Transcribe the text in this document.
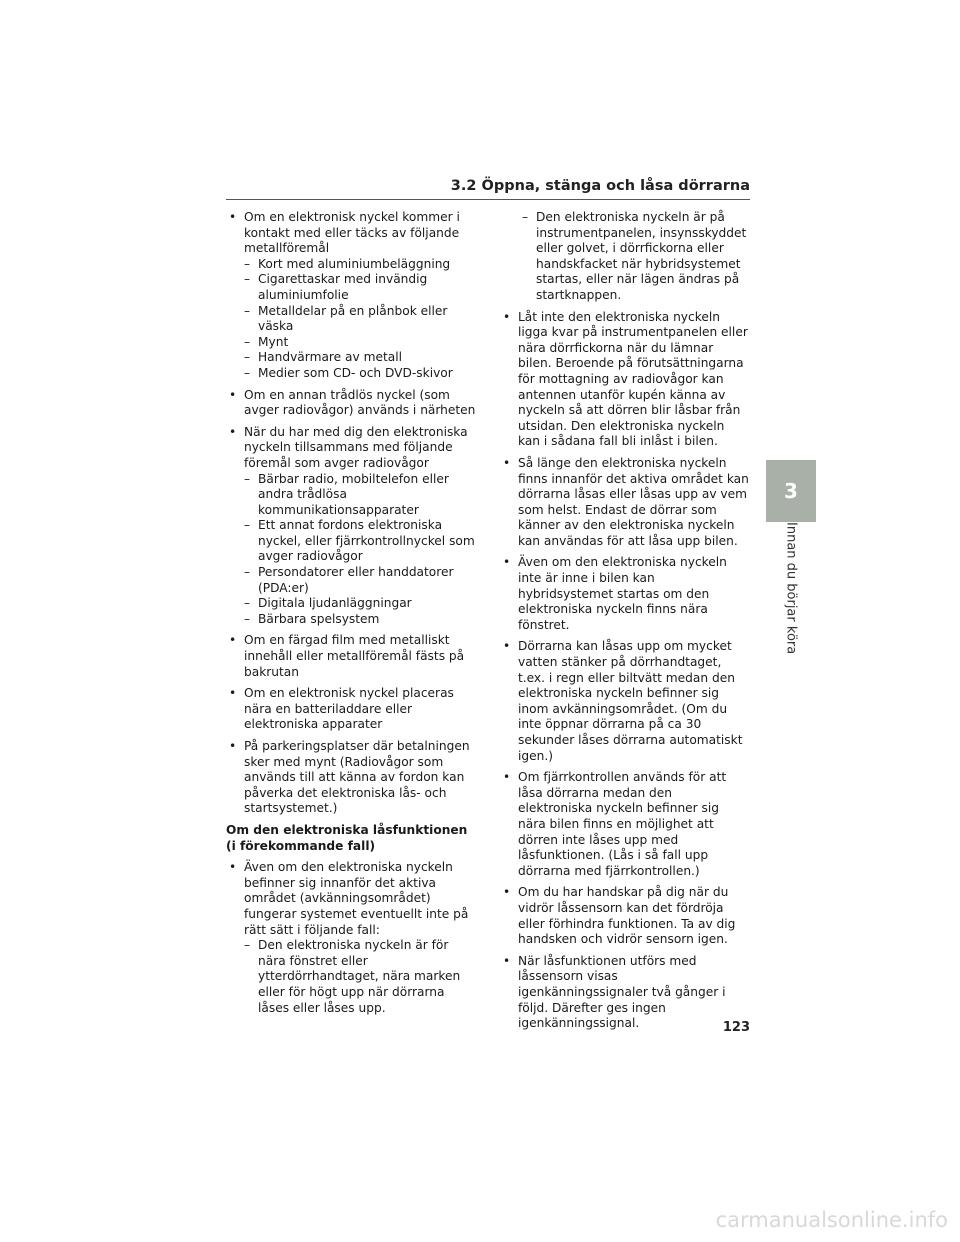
3.2 Öppna, stänga och låsa dörrarna
• Om en elektronisk nyckel kommer i kontakt med eller täcks av följande metallföremål
– Kort med aluminiumbeläggning
– Cigarettaskar med invändig aluminiumfolie
– Metalldelar på en plånbok eller väska
– Mynt
– Handvärmare av metall
– Medier som CD- och DVD-skivor
• Om en annan trådlös nyckel (som avger radiovågor) används i närheten
• När du har med dig den elektroniska nyckeln tillsammans med följande föremål som avger radiovågor
– Bärbar radio, mobiltelefon eller andra trådlösa kommunikationsapparater
– Ett annat fordons elektroniska nyckel, eller fjärrkontrollnyckel som avger radiovågor
– Persondatorer eller handdatorer (PDA:er)
– Digitala ljudanläggningar
– Bärbara spelsystem
• Om en färgad film med metalliskt innehåll eller metallföremål fästs på bakrutan
• Om en elektronisk nyckel placeras nära en batteriladdare eller elektroniska apparater
• På parkeringsplatser där betalningen sker med mynt (Radiovågor som används till att känna av fordon kan påverka det elektroniska lås- och startsystemet.)
Om den elektroniska låsfunktionen (i förekommande fall)
• Även om den elektroniska nyckeln befinner sig innanför det aktiva området (avkänningsområdet) fungerar systemet eventuellt inte på rätt sätt i följande fall:
– Den elektroniska nyckeln är för nära fönstret eller ytterdörrhandtaget, nära marken eller för högt upp när dörrarna låses eller låses upp.
– Den elektroniska nyckeln är på instrumentpanelen, insynsskyddet eller golvet, i dörrfickorna eller handskfacket när hybridsystemet startas, eller när lägen ändras på startknappen.
• Låt inte den elektroniska nyckeln ligga kvar på instrumentpanelen eller nära dörrfickorna när du lämnar bilen. Beroende på förutsättningarna för mottagning av radiovågor kan antennen utanför kupén känna av nyckeln så att dörren blir låsbar från utsidan. Den elektroniska nyckeln kan i sådana fall bli inlåst i bilen.
• Så länge den elektroniska nyckeln finns innanför det aktiva området kan dörrarna låsas eller låsas upp av vem som helst. Endast de dörrar som känner av den elektroniska nyckeln kan användas för att låsa upp bilen.
• Även om den elektroniska nyckeln inte är inne i bilen kan hybridsystemet startas om den elektroniska nyckeln finns nära fönstret.
• Dörrarna kan låsas upp om mycket vatten stänker på dörrhandtaget, t.ex. i regn eller biltvätt medan den elektroniska nyckeln befinner sig inom avkänningsområdet. (Om du inte öppnar dörrarna på ca 30 sekunder låses dörrarna automatiskt igen.)
• Om fjärrkontrollen används för att låsa dörrarna medan den elektroniska nyckeln befinner sig nära bilen finns en möjlighet att dörren inte låses upp med låsfunktionen. (Lås i så fall upp dörrarna med fjärrkontrollen.)
• Om du har handskar på dig när du vidrör låssensorn kan det fördröja eller förhindra funktionen. Ta av dig handsken och vidrör sensorn igen.
• När låsfunktionen utförs med låssensorn visas igenkänningssignaler två gånger i följd. Därefter ges ingen igenkänningssignal.
3
Innan du börjar köra
123
carmanualsonline.info
